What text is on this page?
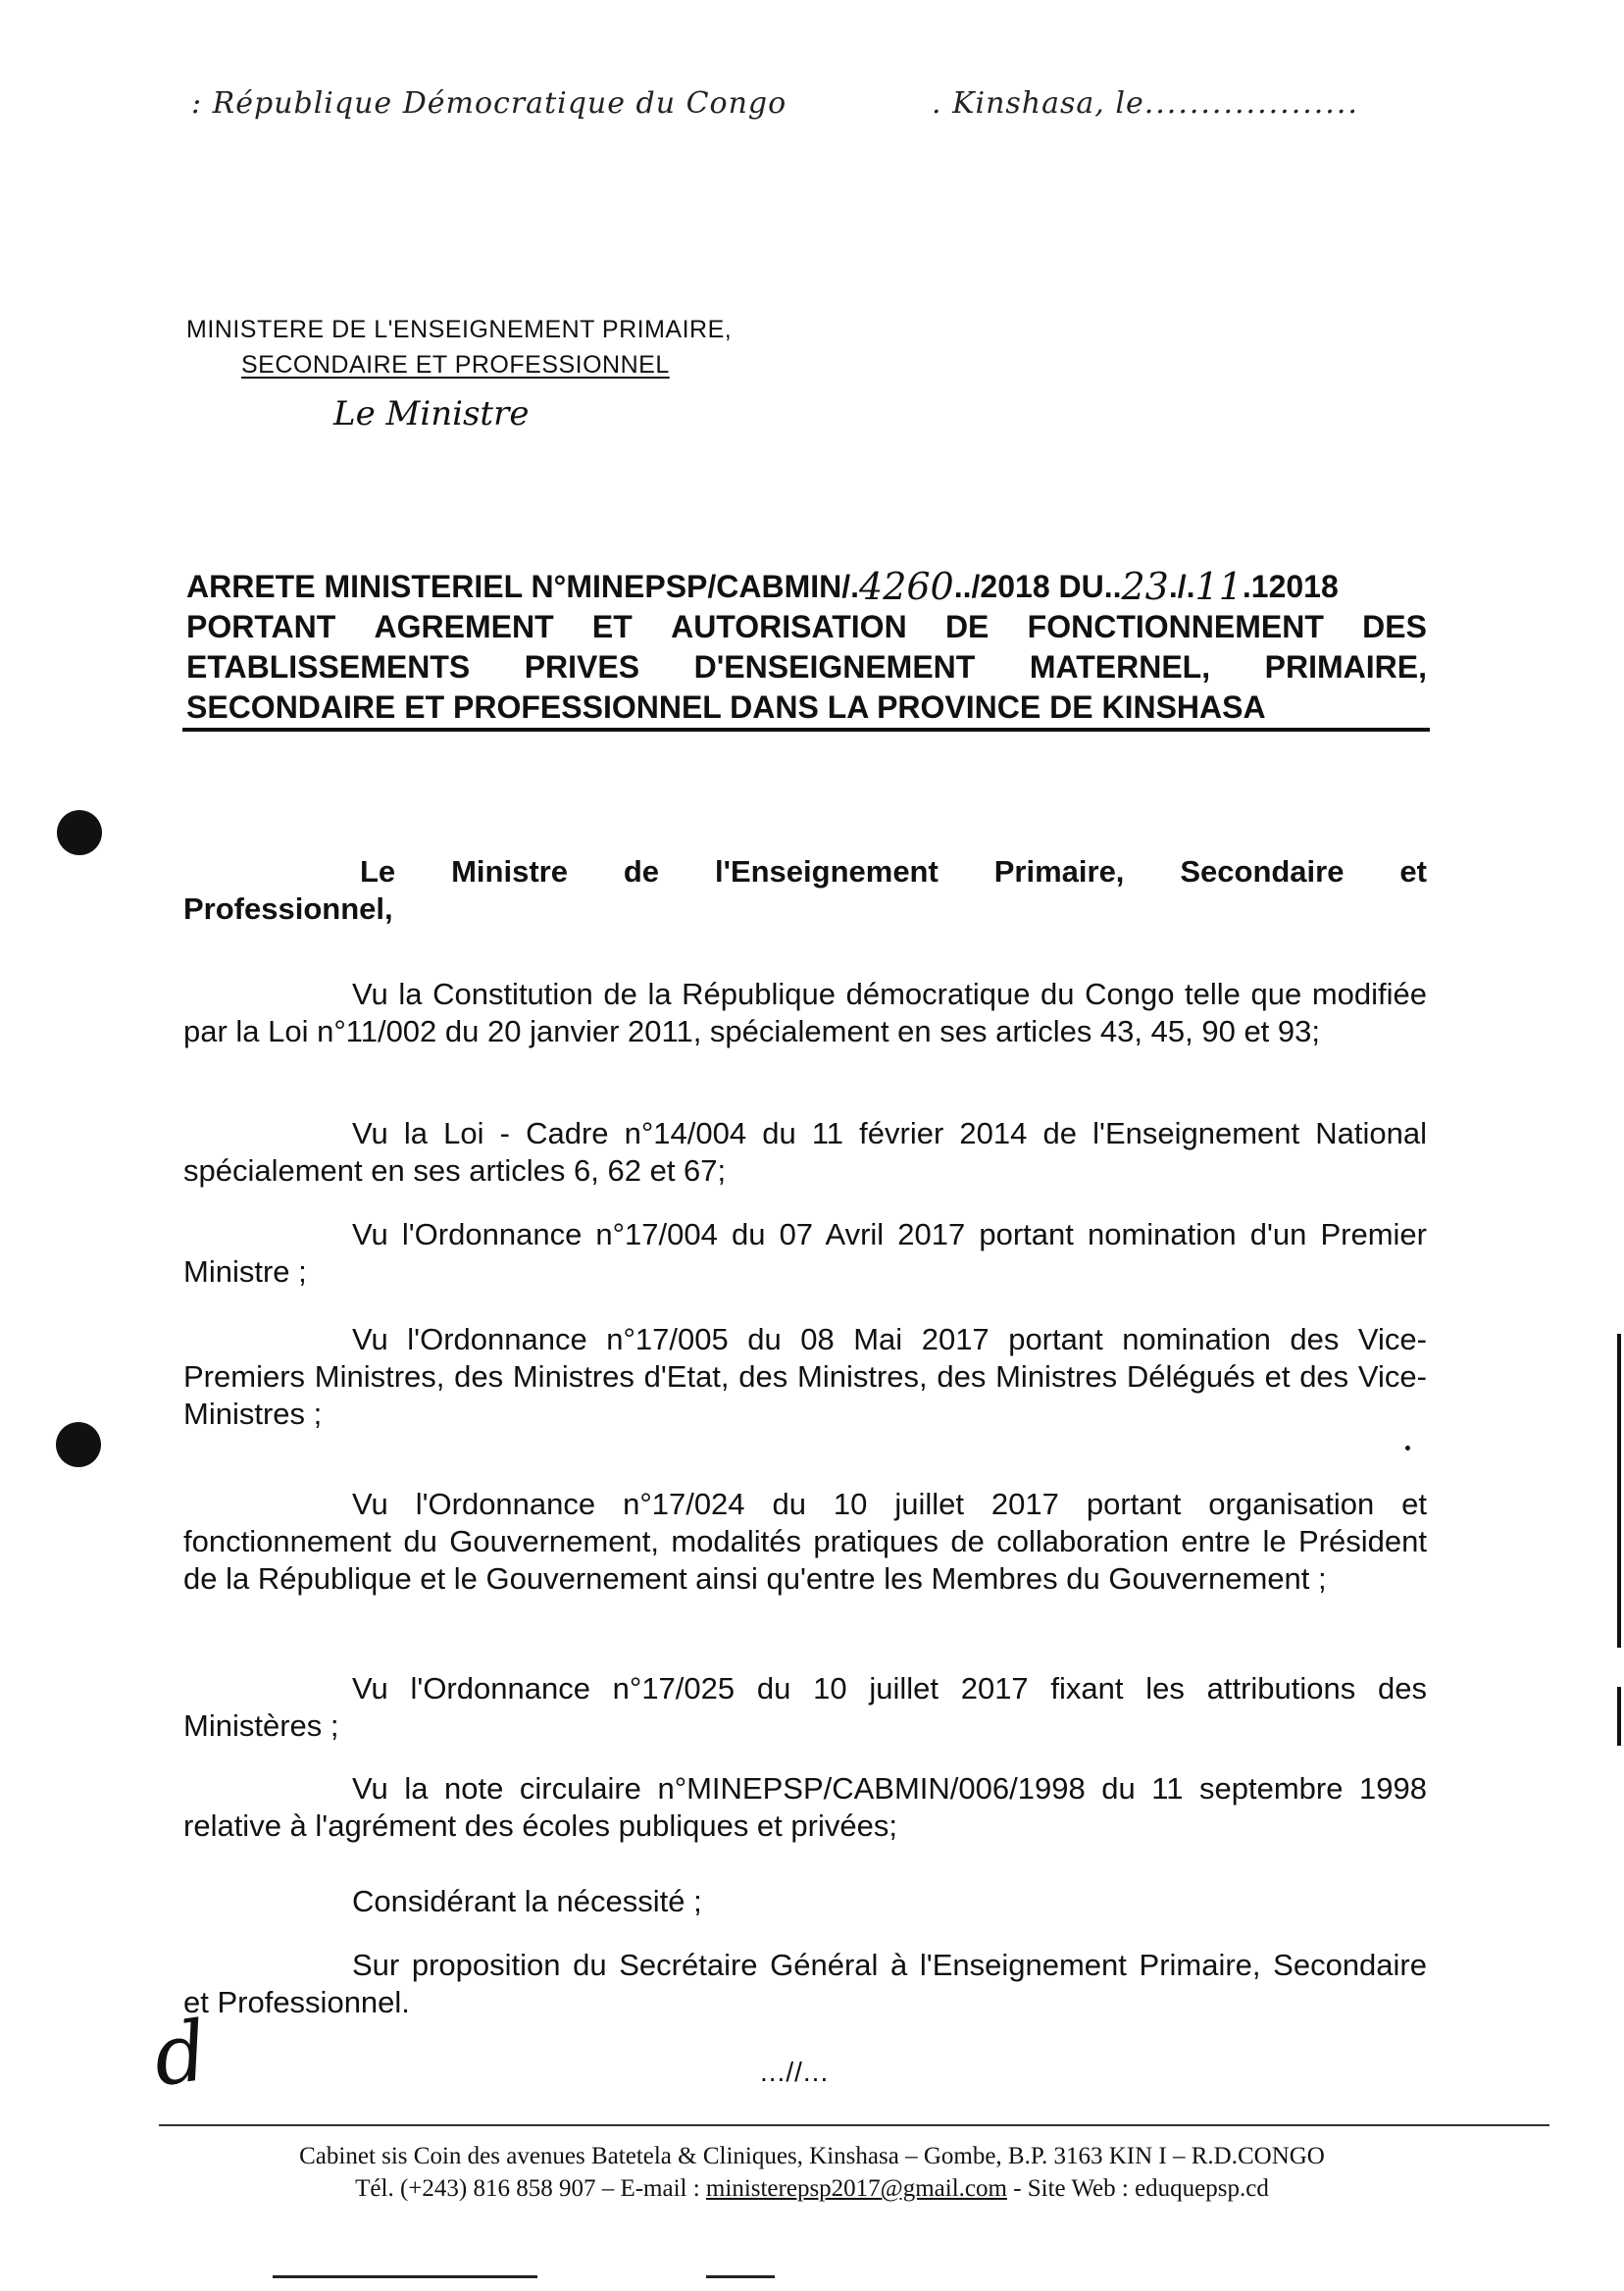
: République Démocratique du Congo	. Kinshasa, le...................
MINISTERE DE L'ENSEIGNEMENT PRIMAIRE,
SECONDAIRE ET PROFESSIONNEL
Le Ministre
ARRETE MINISTERIEL N°MINEPSP/CABMIN/. 4260 ../2018 DU.. 23 ./. 11 .12018
PORTANT AGREMENT ET AUTORISATION DE FONCTIONNEMENT DES
ETABLISSEMENTS PRIVES D'ENSEIGNEMENT MATERNEL, PRIMAIRE,
SECONDAIRE ET PROFESSIONNEL DANS LA PROVINCE DE KINSHASA
Le Ministre de l'Enseignement Primaire, Secondaire et
Professionnel,
Vu la Constitution de la République démocratique du Congo telle que modifiée par la Loi n°11/002 du 20 janvier 2011, spécialement en ses articles 43, 45, 90 et 93;
Vu la Loi - Cadre n°14/004 du 11 février 2014 de l'Enseignement National spécialement en ses articles 6, 62 et 67;
Vu l'Ordonnance n°17/004 du 07 Avril 2017 portant nomination d'un Premier Ministre ;
Vu l'Ordonnance n°17/005 du 08 Mai 2017 portant nomination des Vice-Premiers Ministres, des Ministres d'Etat, des Ministres, des Ministres Délégués et des Vice-Ministres ;
Vu l'Ordonnance n°17/024 du 10 juillet 2017 portant organisation et fonctionnement du Gouvernement, modalités pratiques de collaboration entre le Président de la République et le Gouvernement ainsi qu'entre les Membres du Gouvernement ;
Vu l'Ordonnance n°17/025 du 10 juillet 2017 fixant les attributions des Ministères ;
Vu la note circulaire n°MINEPSP/CABMIN/006/1998 du 11 septembre 1998 relative à l'agrément des écoles publiques et privées;
Considérant la nécessité ;
Sur proposition du Secrétaire Général à l'Enseignement Primaire, Secondaire et Professionnel.
d	...//...
Cabinet sis Coin des avenues Batetela & Cliniques, Kinshasa – Gombe, B.P. 3163 KIN I – R.D.CONGO
Tél. (+243) 816 858 907 – E-mail : ministerepsp2017@gmail.com - Site Web : eduquepsp.cd
